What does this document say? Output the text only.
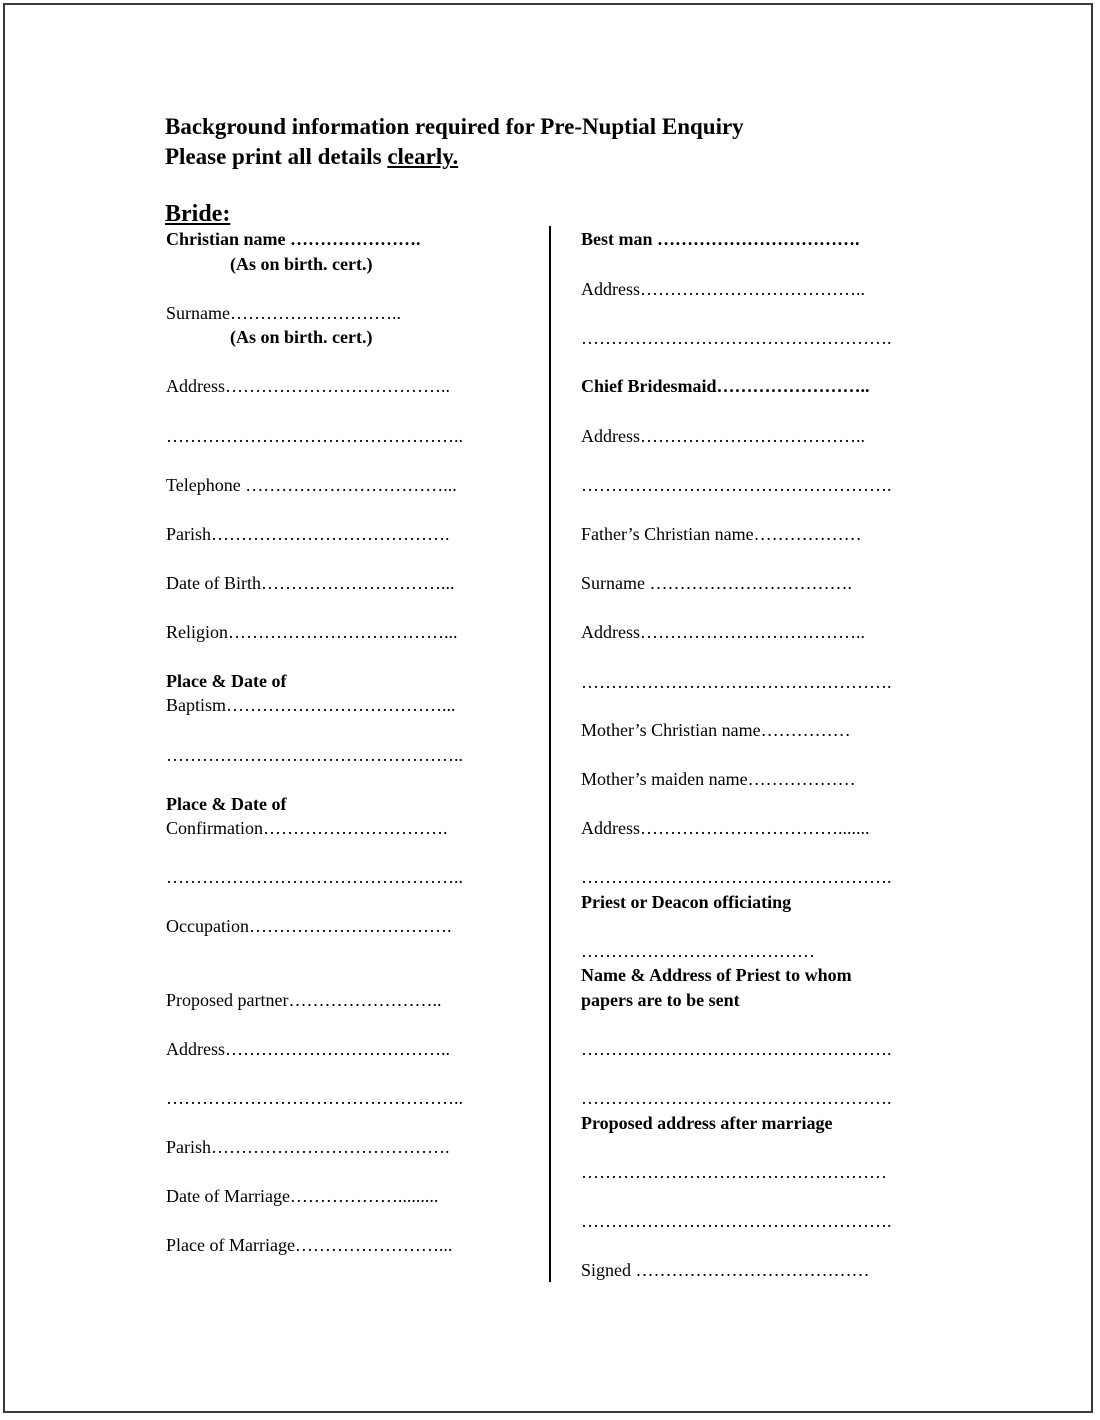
Background information required for Pre-Nuptial Enquiry
Please print all details clearly.
Bride:
Christian name ………………….
(As on birth. cert.)
Surname………………………..
(As on birth. cert.)
Address………………………………..
…………………………………………..
Telephone ……………………………...
Parish………………………………….
Date of Birth…………………………...
Religion………………………………...
Place & Date of
Baptism………………………………...
…………………………………………..
Place & Date of
Confirmation………………………….
…………………………………………..
Occupation…………………………….
Proposed partner……………………..
Address………………………………..
…………………………………………..
Parish………………………………….
Date of Marriage……………….........
Place of Marriage……………………...
Best man …………………………….
Address………………………………..
…………………………………………….
Chief Bridesmaid……………………..
Address………………………………..
…………………………………………….
Father’s Christian name………………
Surname …………………………….
Address………………………………..
…………………………………………….
Mother’s Christian name……………
Mother’s maiden name………………
Address…………………………….......
…………………………………………….
Priest or Deacon officiating
…………………………………
Name & Address of Priest to whom
papers are to be sent
…………………………………………….
…………………………………………….
Proposed address after marriage
……………………………………………
…………………………………………….
Signed …………………………………
